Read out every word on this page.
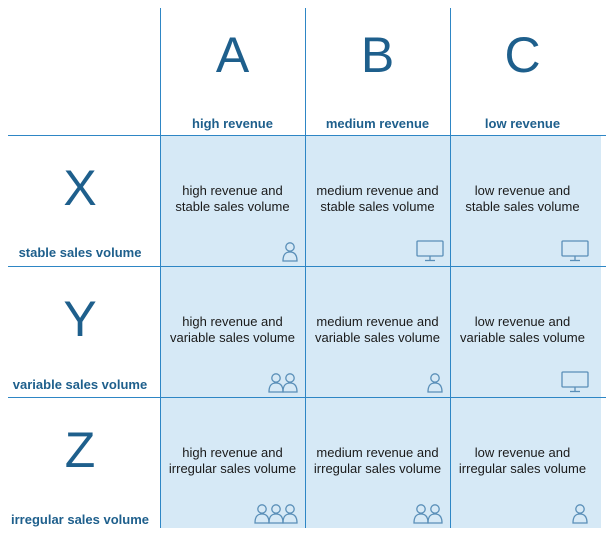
A
high revenue
B
medium revenue
C
low revenue
X
stable sales volume
Y
variable sales volume
Z
irregular sales volume
high revenue and
stable sales volume
medium revenue and
stable sales volume
low revenue and
stable sales volume
high revenue and
variable sales volume
medium revenue and
variable sales volume
low revenue and
variable sales volume
high revenue and
irregular sales volume
medium revenue and
irregular sales volume
low revenue and
irregular sales volume
